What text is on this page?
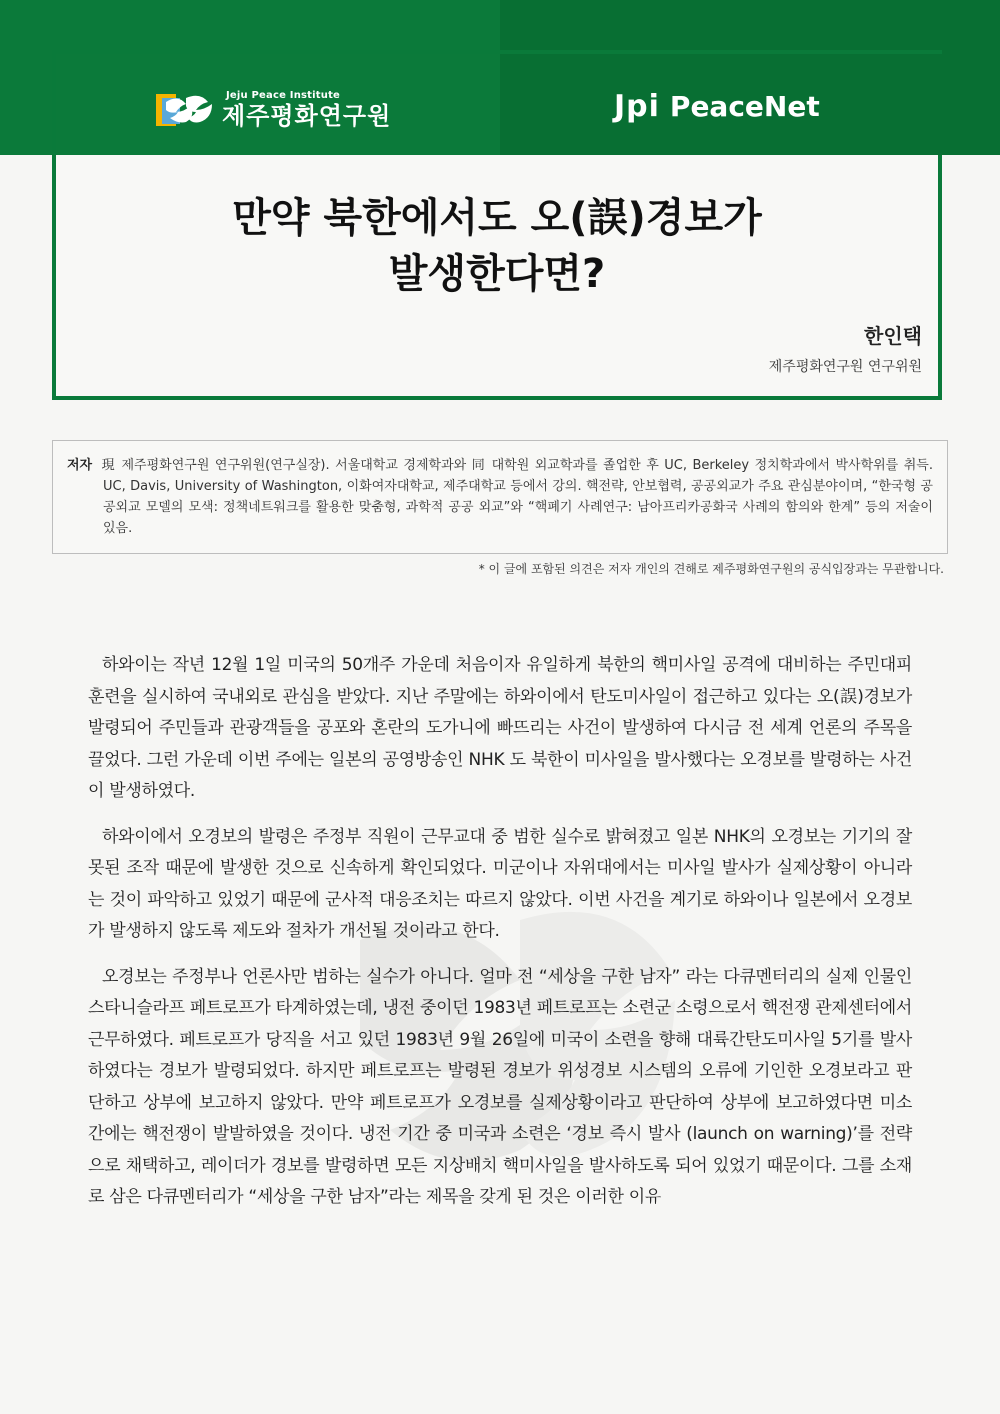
Jeju Peace Institute
제주평화연구원	Jpi PeaceNet
만약 북한에서도 오(誤)경보가
발생한다면?
한인택
제주평화연구원 연구위원
저자 現 제주평화연구원 연구위원(연구실장). 서울대학교 경제학과와 同 대학원 외교학과를 졸업한 후 UC, Berkeley 정치학과에서 박사학위를 취득. UC, Davis, University of Washington, 이화여자대학교, 제주대학교 등에서 강의. 핵전략, 안보협력, 공공외교가 주요 관심분야이며, “한국형 공공외교 모델의 모색: 정책네트워크를 활용한 맞춤형, 과학적 공공 외교”와 “핵폐기 사례연구: 남아프리카공화국 사례의 함의와 한계” 등의 저술이 있음.
* 이 글에 포함된 의견은 저자 개인의 견해로 제주평화연구원의 공식입장과는 무관합니다.

하와이는 작년 12월 1일 미국의 50개주 가운데 처음이자 유일하게 북한의 핵미사일 공격에 대비하는 주민대피훈련을 실시하여 국내외로 관심을 받았다. 지난 주말에는 하와이에서 탄도미사일이 접근하고 있다는 오(誤)경보가 발령되어 주민들과 관광객들을 공포와 혼란의 도가니에 빠뜨리는 사건이 발생하여 다시금 전 세계 언론의 주목을 끌었다. 그런 가운데 이번 주에는 일본의 공영방송인 NHK 도 북한이 미사일을 발사했다는 오경보를 발령하는 사건이 발생하였다.

하와이에서 오경보의 발령은 주정부 직원이 근무교대 중 범한 실수로 밝혀졌고 일본 NHK의 오경보는 기기의 잘못된 조작 때문에 발생한 것으로 신속하게 확인되었다. 미군이나 자위대에서는 미사일 발사가 실제상황이 아니라는 것이 파악하고 있었기 때문에 군사적 대응조치는 따르지 않았다. 이번 사건을 계기로 하와이나 일본에서 오경보가 발생하지 않도록 제도와 절차가 개선될 것이라고 한다.

오경보는 주정부나 언론사만 범하는 실수가 아니다. 얼마 전 “세상을 구한 남자” 라는 다큐멘터리의 실제 인물인 스타니슬라프 페트로프가 타계하였는데, 냉전 중이던 1983년 페트로프는 소련군 소령으로서 핵전쟁 관제센터에서 근무하였다. 페트로프가 당직을 서고 있던 1983년 9월 26일에 미국이 소련을 향해 대륙간탄도미사일 5기를 발사하였다는 경보가 발령되었다. 하지만 페트로프는 발령된 경보가 위성경보 시스템의 오류에 기인한 오경보라고 판단하고 상부에 보고하지 않았다. 만약 페트로프가 오경보를 실제상황이라고 판단하여 상부에 보고하였다면 미소 간에는 핵전쟁이 발발하였을 것이다. 냉전 기간 중 미국과 소련은 ‘경보 즉시 발사 (launch on warning)’를 전략으로 채택하고, 레이더가 경보를 발령하면 모든 지상배치 핵미사일을 발사하도록 되어 있었기 때문이다. 그를 소재로 삼은 다큐멘터리가 “세상을 구한 남자”라는 제목을 갖게 된 것은 이러한 이유
